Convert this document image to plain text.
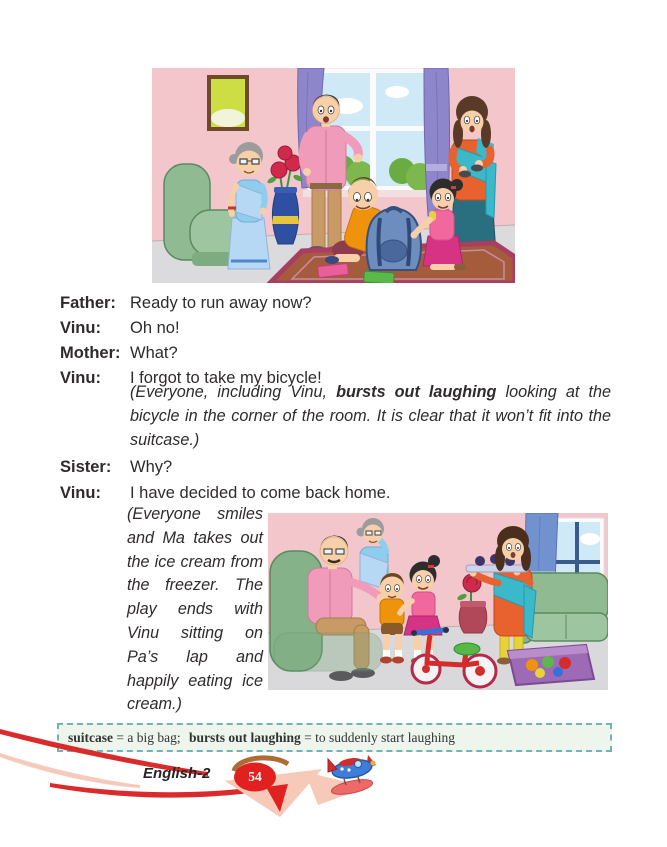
Father: Ready to run away now?
Vinu:	Oh no!
Mother: What?
Vinu:	I forgot to take my bicycle!
(Everyone, including Vinu, bursts out laughing looking at the bicycle in the corner of the room. It is clear that it won’t fit into the suitcase.)
Sister:	Why?
Vinu:	I have decided to come back home.
(Everyone smiles and Ma takes out the ice cream from the freezer. The play ends with Vinu sitting on Pa’s lap and happily eating ice cream.)
suitcase = a big bag; bursts out laughing = to suddenly start laughing
English-2	54
